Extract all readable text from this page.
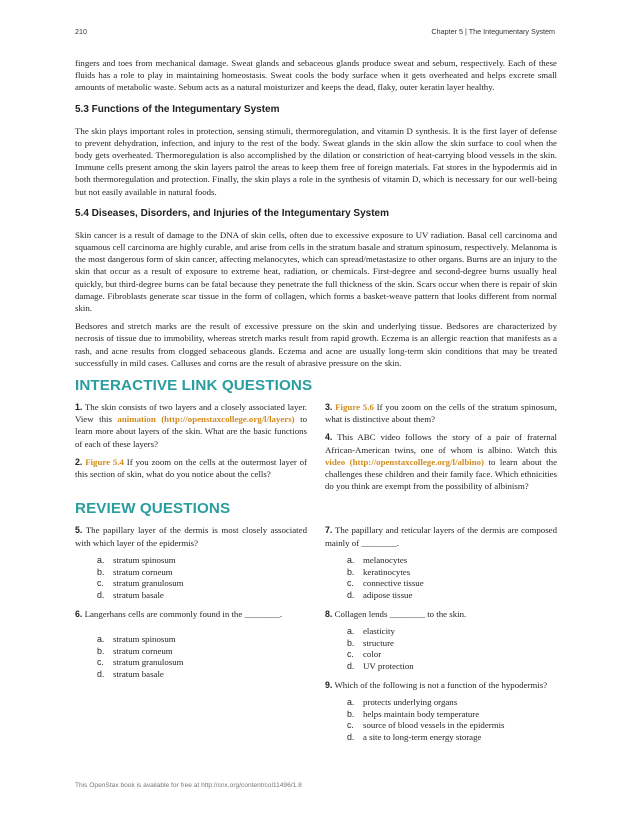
210	Chapter 5 | The Integumentary System

fingers and toes from mechanical damage. Sweat glands and sebaceous glands produce sweat and sebum, respectively. Each of these fluids has a role to play in maintaining homeostasis. Sweat cools the body surface when it gets overheated and helps excrete small amounts of metabolic waste. Sebum acts as a natural moisturizer and keeps the dead, flaky, outer keratin layer healthy.

5.3 Functions of the Integumentary System

The skin plays important roles in protection, sensing stimuli, thermoregulation, and vitamin D synthesis. It is the first layer of defense to prevent dehydration, infection, and injury to the rest of the body. Sweat glands in the skin allow the skin surface to cool when the body gets overheated. Thermoregulation is also accomplished by the dilation or constriction of heat-carrying blood vessels in the skin. Immune cells present among the skin layers patrol the areas to keep them free of foreign materials. Fat stores in the hypodermis aid in both thermoregulation and protection. Finally, the skin plays a role in the synthesis of vitamin D, which is necessary for our well-being but not easily available in natural foods.

5.4 Diseases, Disorders, and Injuries of the Integumentary System

Skin cancer is a result of damage to the DNA of skin cells, often due to excessive exposure to UV radiation. Basal cell carcinoma and squamous cell carcinoma are highly curable, and arise from cells in the stratum basale and stratum spinosum, respectively. Melanoma is the most dangerous form of skin cancer, affecting melanocytes, which can spread/metastasize to other organs. Burns are an injury to the skin that occur as a result of exposure to extreme heat, radiation, or chemicals. First-degree and second-degree burns usually heal quickly, but third-degree burns can be fatal because they penetrate the full thickness of the skin. Scars occur when there is repair of skin damage. Fibroblasts generate scar tissue in the form of collagen, which forms a basket-weave pattern that looks different from normal skin.

Bedsores and stretch marks are the result of excessive pressure on the skin and underlying tissue. Bedsores are characterized by necrosis of tissue due to immobility, whereas stretch marks result from rapid growth. Eczema is an allergic reaction that manifests as a rash, and acne results from clogged sebaceous glands. Eczema and acne are usually long-term skin conditions that may be treated successfully in mild cases. Calluses and corns are the result of abrasive pressure on the skin.

INTERACTIVE LINK QUESTIONS
1. The skin consists of two layers and a closely associated layer. View this animation (http://openstaxcollege.org/l/layers) to learn more about layers of the skin. What are the basic functions of each of these layers?
2. Figure 5.4 If you zoom on the cells at the outermost layer of this section of skin, what do you notice about the cells?
3. Figure 5.6 If you zoom on the cells of the stratum spinosum, what is distinctive about them?
4. This ABC video follows the story of a pair of fraternal African-American twins, one of whom is albino. Watch this video (http://openstaxcollege.org/l/albino) to learn about the challenges these children and their family face. Which ethnicities do you think are exempt from the possibility of albinism?
REVIEW QUESTIONS
5. The papillary layer of the dermis is most closely associated with which layer of the epidermis?
a. stratum spinosum
b. stratum corneum
c.	stratum granulosum
d. stratum basale
6. Langerhans cells are commonly found in the ________.
a. stratum spinosum
b. stratum corneum
c.	stratum granulosum
d. stratum basale
7. The papillary and reticular layers of the dermis are composed mainly of ________.
a. melanocytes
b. keratinocytes
c.	connective tissue
d. adipose tissue
8. Collagen lends ________ to the skin.
a. elasticity
b. structure
c.	color
d. UV protection
9. Which of the following is not a function of the hypodermis?
a. protects underlying organs
b. helps maintain body temperature
c.	source of blood vessels in the epidermis
d. a site to long-term energy storage
This OpenStax book is available for free at http://cnx.org/content/col11496/1.8
